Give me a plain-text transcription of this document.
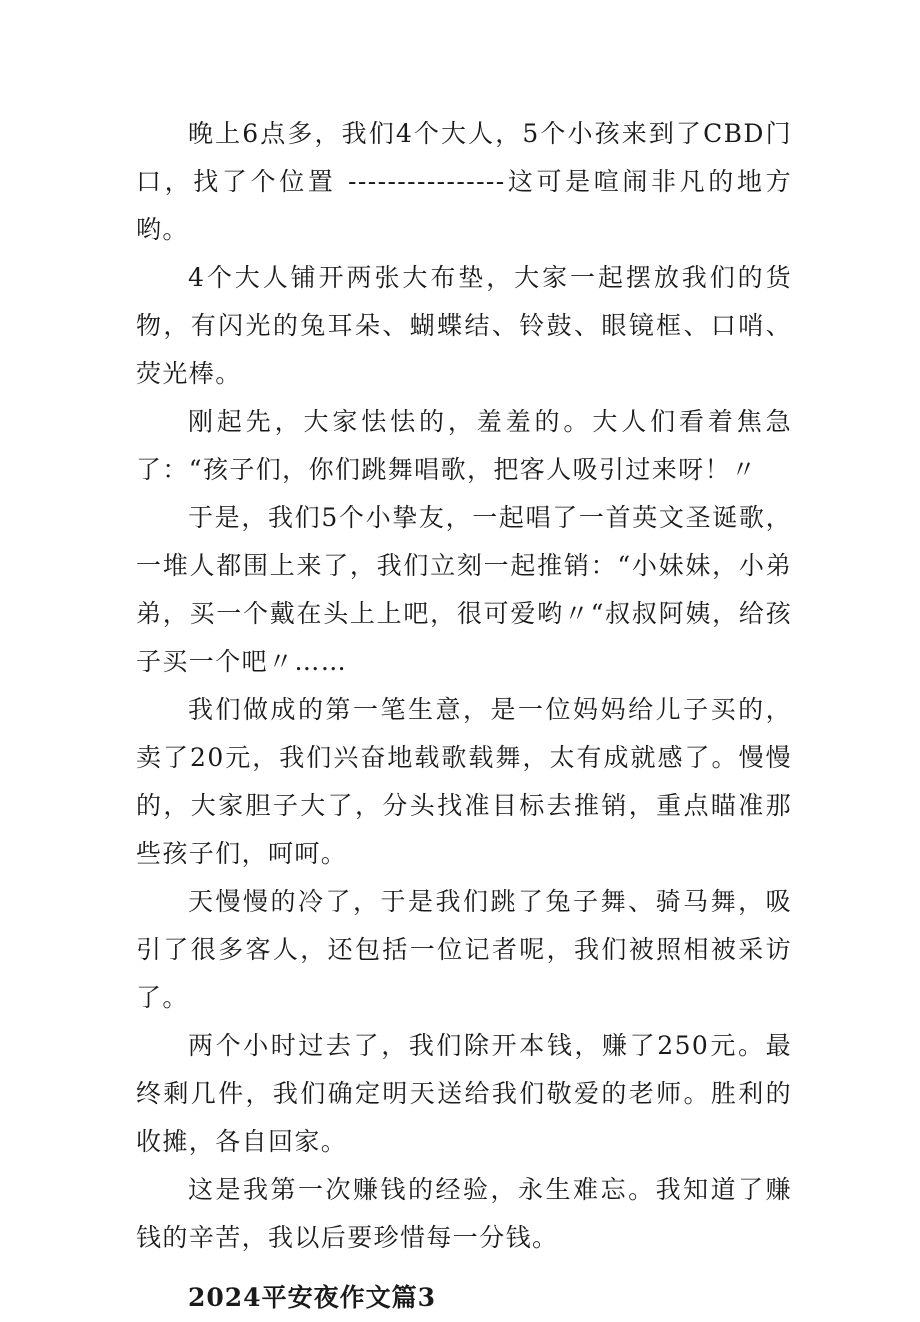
晚上6点多，我们4个大人，5个小孩来到了CBD门口，找了个位置 ----------------这可是喧闹非凡的地方哟。

4个大人铺开两张大布垫，大家一起摆放我们的货物，有闪光的兔耳朵、蝴蝶结、铃鼓、眼镜框、口哨、荧光棒。

刚起先，大家怯怯的，羞羞的。大人们看着焦急了：“孩子们，你们跳舞唱歌，把客人吸引过来呀！〃

于是，我们5个小挚友，一起唱了一首英文圣诞歌，一堆人都围上来了，我们立刻一起推销：“小妹妹，小弟弟，买一个戴在头上上吧，很可爱哟〃“叔叔阿姨，给孩子买一个吧〃……

我们做成的第一笔生意，是一位妈妈给儿子买的，卖了20元，我们兴奋地载歌载舞，太有成就感了。慢慢的，大家胆子大了，分头找准目标去推销，重点瞄准那些孩子们，呵呵。

天慢慢的冷了，于是我们跳了兔子舞、骑马舞，吸引了很多客人，还包括一位记者呢，我们被照相被采访了。

两个小时过去了，我们除开本钱，赚了250元。最终剩几件，我们确定明天送给我们敬爱的老师。胜利的收摊，各自回家。

这是我第一次赚钱的经验，永生难忘。我知道了赚钱的辛苦，我以后要珍惜每一分钱。

2024平安夜作文篇3
